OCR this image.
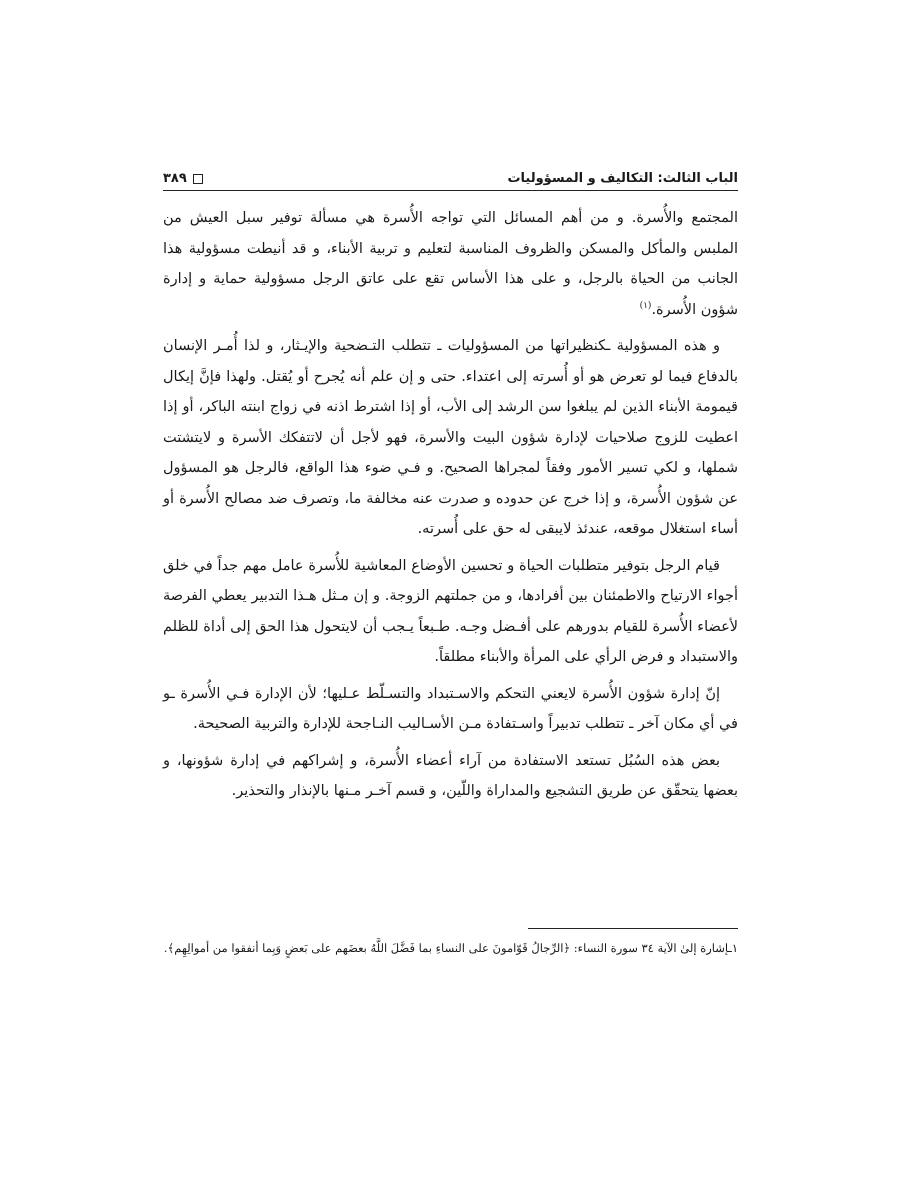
الباب الثالث: التكاليف و المسؤوليات
٣٨٩

المجتمع والأُسرة. و من أهم المسائل التي تواجه الأُسرة هي مسألة توفير سبل العيش من الملبس والمأكل والمسكن والظروف المناسبة لتعليم و تربية الأبناء، و قد أنيطت مسؤولية هذا الجانب من الحياة بالرجل، و على هذا الأساس تقع على عاتق الرجل مسؤولية حماية و إدارة شؤون الأُسرة.$^{(١)}$

و هذه المسؤولية ـكنظيراتها من المسؤوليات ـ تتطلب التـضحية والإيـثار، و لذا أُمـر الإنسان بالدفاع فيما لو تعرض هو أو أُسرته إلى اعتداء. حتى و إن علم أنه يُجرح أو يُقتل. ولهذا فإنَّ إيكال قيمومة الأبناء الذين لم يبلغوا سن الرشد إلى الأب، أو إذا اشترط اذنه في زواج ابنته الباكر، أو إذا اعطيت للزوج صلاحيات لإدارة شؤون البيت والأسرة، فهو لأجل أن لاتتفكك الأسرة و لايتشتت شملها، و لكي تسير الأمور وفقاً لمجراها الصحيح. و فـي ضوء هذا الواقع، فالرجل هو المسؤول عن شؤون الأُسرة، و إذا خرج عن حدوده و صدرت عنه مخالفة ما، وتصرف ضد مصالح الأُسرة أو أساء استغلال موقعه، عندئذ لايبقى له حق على أُسرته.

قيام الرجل بتوفير متطلبات الحياة و تحسين الأوضاع المعاشية للأُسرة عامل مهم جداً في خلق أجواء الارتياح والاطمئنان بين أفرادها، و من جملتهم الزوجة. و إن مـثل هـذا التدبير يعطي الفرصة لأعضاء الأُسرة للقيام بدورهم على أفـضل وجـه. طـبعاً يـجب أن لايتحول هذا الحق إلى أداة للظلم والاستبداد و فرض الرأي على المرأة والأبناء مطلقاً.

إنّ إدارة شؤون الأُسرة لايعني التحكم والاسـتبداد والتسـلّط عـليها؛ لأن الإدارة فـي الأُسرة ـو في أي مكان آخر ـ تتطلب تدبيراً واسـتفادة مـن الأسـاليب النـاجحة للإدارة والتربية الصحيحة.

بعض هذه السُبُل تستعد الاستفادة من آراء أعضاء الأُسرة، و إشراكهم في إدارة شؤونها، و بعضها يتحقّق عن طريق التشجيع والمداراة واللّين، و قسم آخـر مـنها بالإنذار والتحذير.

١ـإشارة إلىٰ الآية ٣٤ سورة النساء: ﴿الرِّجالُ قَوّامونَ على النساءِ بما فَضَّلَ اللَّهُ بعضَهم على بَعضٍ وَبِما أنفقوا من أموالِهِم﴾.
